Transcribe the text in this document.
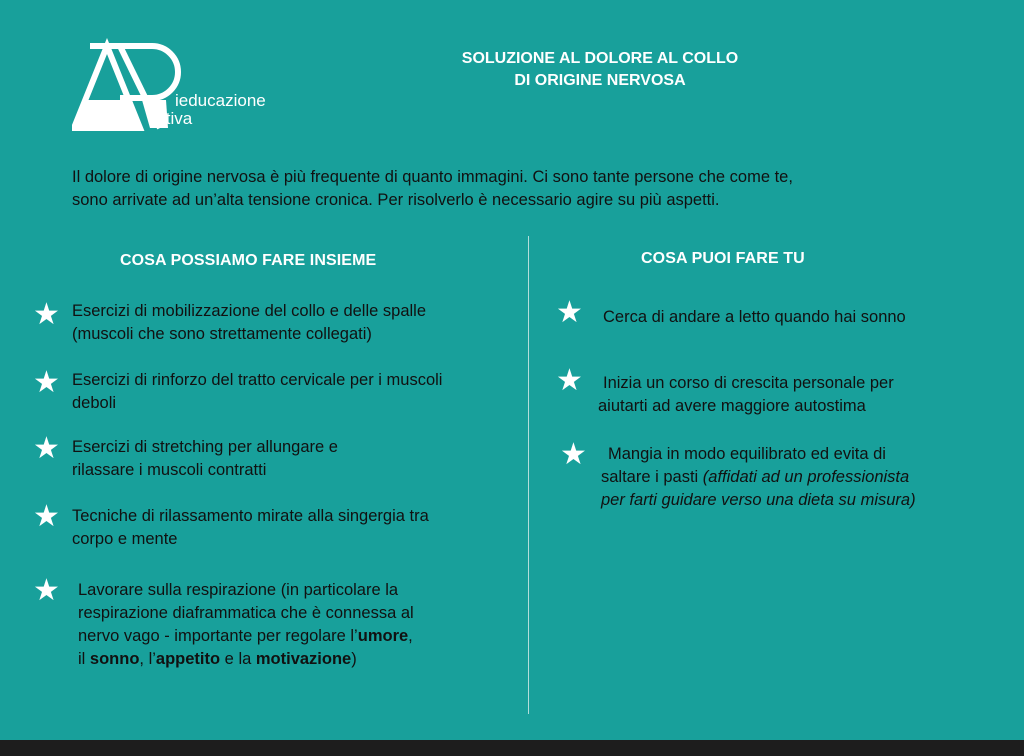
ieducazione
ttiva
SOLUZIONE AL DOLORE AL COLLO
DI ORIGINE NERVOSA
Il dolore di origine nervosa è più frequente di quanto immagini. Ci sono tante persone che come te,
sono arrivate ad un’alta tensione cronica. Per risolverlo è necessario agire su più aspetti.
COSA POSSIAMO FARE INSIEME	COSA PUOI FARE TU
★ Esercizi di mobilizzazione del collo e delle spalle
(muscoli che sono strettamente collegati)
★ Esercizi di rinforzo del tratto cervicale per i muscoli
deboli
★ Esercizi di stretching per allungare e
rilassare i muscoli contratti
★ Tecniche di rilassamento mirate alla singergia tra
corpo e mente
★ Lavorare sulla respirazione (in particolare la
respirazione diaframmatica che è connessa al
nervo vago - importante per regolare l’umore,
il sonno, l’appetito e la motivazione)
★ Cerca di andare a letto quando hai sonno
★	Inizia un corso di crescita personale per
aiutarti ad avere maggiore autostima
★	Mangia in modo equilibrato ed evita di
saltare i pasti (affidati ad un professionista
per farti guidare verso una dieta su misura)
